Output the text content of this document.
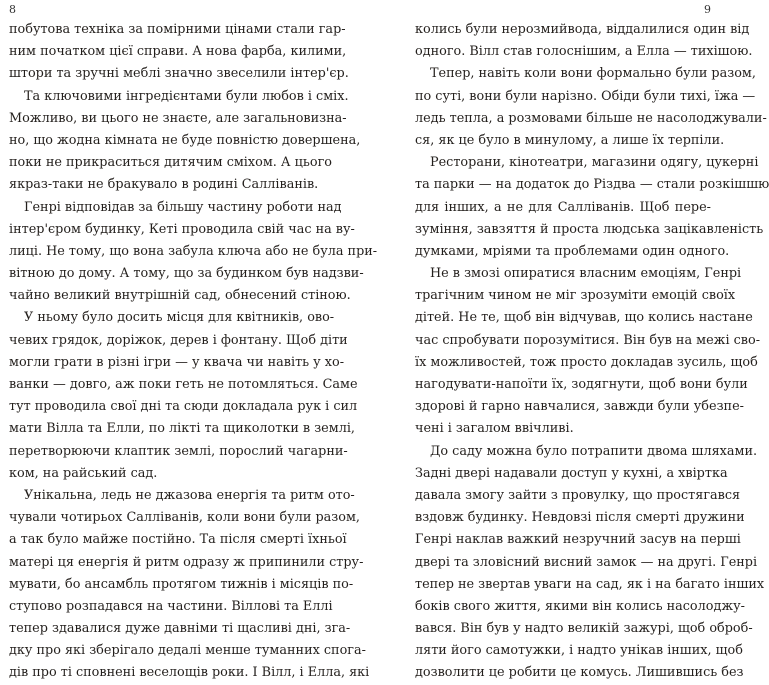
8
побутова техніка за помірними цінами стали гар-
ним початком цієї справи. А нова фарба, килими,
штори та зручні меблі значно звеселили інтер'єр.
Та ключовими інгредієнтами були любов і сміх.
Можливо, ви цього не знаєте, але загальновизна-
но, що жодна кімната не буде повністю довершена,
поки не прикраситься дитячим сміхом. А цього
якраз-таки не бракувало в родині Салліванів.
Генрі відповідав за більшу частину роботи над
інтер'єром будинку, Кеті проводила свій час на ву-
лиці. Не тому, що вона забула ключа або не була при-
вітною до дому. А тому, що за будинком був надзви-
чайно великий внутрішній сад, обнесений стіною.
У ньому було досить місця для квітників, ово-
чевих грядок, доріжок, дерев і фонтану. Щоб діти
могли грати в різні ігри — у квача чи навіть у хо-
ванки — довго, аж поки геть не потомляться. Саме
тут проводила свої дні та сюди докладала рук і сил
мати Вілла та Елли, по лікті та щиколотки в землі,
перетворюючи клаптик землі, порослий чагарни-
ком, на райський сад.
Унікальна, ледь не джазова енергія та ритм ото-
чували чотирьох Салліванів, коли вони були разом,
а так було майже постійно. Та після смерті їхньої
матері ця енергія й ритм одразу ж припинили стру-
мувати, бо ансамбль протягом тижнів і місяців по-
ступово розпадався на частини. Віллові та Еллі
тепер здавалися дуже давніми ті щасливі дні, зга-
дку про які зберігало дедалі менше туманних спога-
дів про ті сповнені веселощів роки. І Вілл, і Елла, які
9
колись були нерозмийвода, віддалилися один від
одного. Вілл став голоснішим, а Елла — тихішою.
Тепер, навіть коли вони формально були разом,
по суті, вони були нарізно. Обіди були тихі, їжа —
ледь тепла, а розмовами більше не насолоджували-
ся, як це було в минулому, а лише їх терпіли.
Ресторани, кінотеатри, магазини одягу, цукерні
та парки — на додаток до Різдва — стали розкішшю
для інших, а не для Салліванів. Щоб пере-
зуміння, завзяття й проста людська зацікавленість
думками, мріями та проблемами один одного.
Не в змозі опиратися власним емоціям, Генрі
трагічним чином не міг зрозуміти емоцій своїх
дітей. Не те, щоб він відчував, що колись настане
час спробувати порозумітися. Він був на межі сво-
їх можливостей, тож просто докладав зусиль, щоб
нагодувати-напоїти їх, зодягнути, щоб вони були
здорові й гарно навчалися, завжди були убезпе-
чені і загалом ввічливі.
До саду можна було потрапити двома шляхами.
Задні двері надавали доступ у кухні, а хвіртка
давала змогу зайти з провулку, що простягався
вздовж будинку. Невдовзі після смерті дружини
Генрі наклав важкий незручний засув на перші
двері та зловісний висний замок — на другі. Генрі
тепер не звертав уваги на сад, як і на багато інших
боків свого життя, якими він колись насолоджу-
вався. Він був у надто великій зажурі, щоб оброб-
ляти його самотужки, і надто унікав інших, щоб
дозволити це робити це комусь. Лишившись без
